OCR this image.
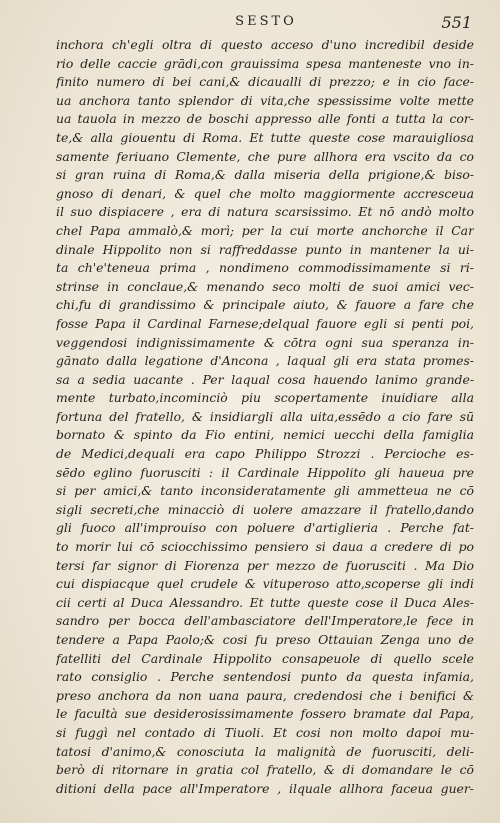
SESTO	551
inchora ch'egli oltra di questo acceso d'uno incredibil deside
rio delle caccie grādi,con grauissima spesa manteneste vno in-
finito numero di bei cani,& dicaualli di prezzo; e in cio face-
ua anchora tanto splendor di vita,che spessissime volte mette
ua tauola in mezzo de boschi appresso alle fonti a tutta la cor-
te,& alla giouentu di Roma. Et tutte queste cose marauigliosa
samente feriuano Clemente, che pure allhora era vscito da co
si gran ruina di Roma,& dalla miseria della prigione,& biso-
gnoso di denari, & quel che molto maggiormente accresceua
il suo dispiacere , era di natura scarsissimo. Et nō andò molto
chel Papa ammalò,& morì; per la cui morte anchorche il Car
dinale Hippolito non si raffreddasse punto in mantener la ui-
ta ch'e'teneua prima , nondimeno commodissimamente si ri-
strinse in conclaue,& menando seco molti de suoi amici vec-
chi,fu di grandissimo & principale aiuto, & fauore a fare che
fosse Papa il Cardinal Farnese;delqual fauore egli si penti poi,
veggendosi indignissimamente & cōtra ogni sua speranza in-
gānato dalla legatione d'Ancona , laqual gli era stata promes-
sa a sedia uacante . Per laqual cosa hauendo lanimo grande-
mente turbato,incominciò piu scopertamente inuidiare alla
fortuna del fratello, & insidiargli alla uita,essēdo a cio fare sū
bornato & spinto da Fio entini, nemici uecchi della famiglia
de Medici,dequali era capo Philippo Strozzi . Percioche es-
sēdo eglino fuorusciti : il Cardinale Hippolito gli haueua pre
si per amici,& tanto inconsideratamente gli ammetteua ne cō
sigli secreti,che minacciò di uolere amazzare il fratello,dando
gli fuoco all'improuiso con poluere d'artiglieria . Perche fat-
to morir lui cō sciocchissimo pensiero si daua a credere di po
tersi far signor di Fiorenza per mezzo de fuorusciti . Ma Dio
cui dispiacque quel crudele & vituperoso atto,scoperse gli indi
cii certi al Duca Alessandro. Et tutte queste cose il Duca Ales-
sandro per bocca dell'ambasciatore dell'Imperatore,le fece in
tendere a Papa Paolo;& cosi fu preso Ottauian Zenga uno de
fatelliti del Cardinale Hippolito consapeuole di quello scele
rato consiglio . Perche sentendosi punto da questa infamia,
preso anchora da non uana paura, credendosi che i benifici &
le facultà sue desiderosissimamente fossero bramate dal Papa,
si fuggì nel contado di Tiuoli. Et cosi non molto dapoi mu-
tatosi d'animo,& conosciuta la malignità de fuorusciti, deli-
berò di ritornare in gratia col fratello, & di domandare le cō
ditioni della pace all'Imperatore , ilquale allhora faceua guer-
